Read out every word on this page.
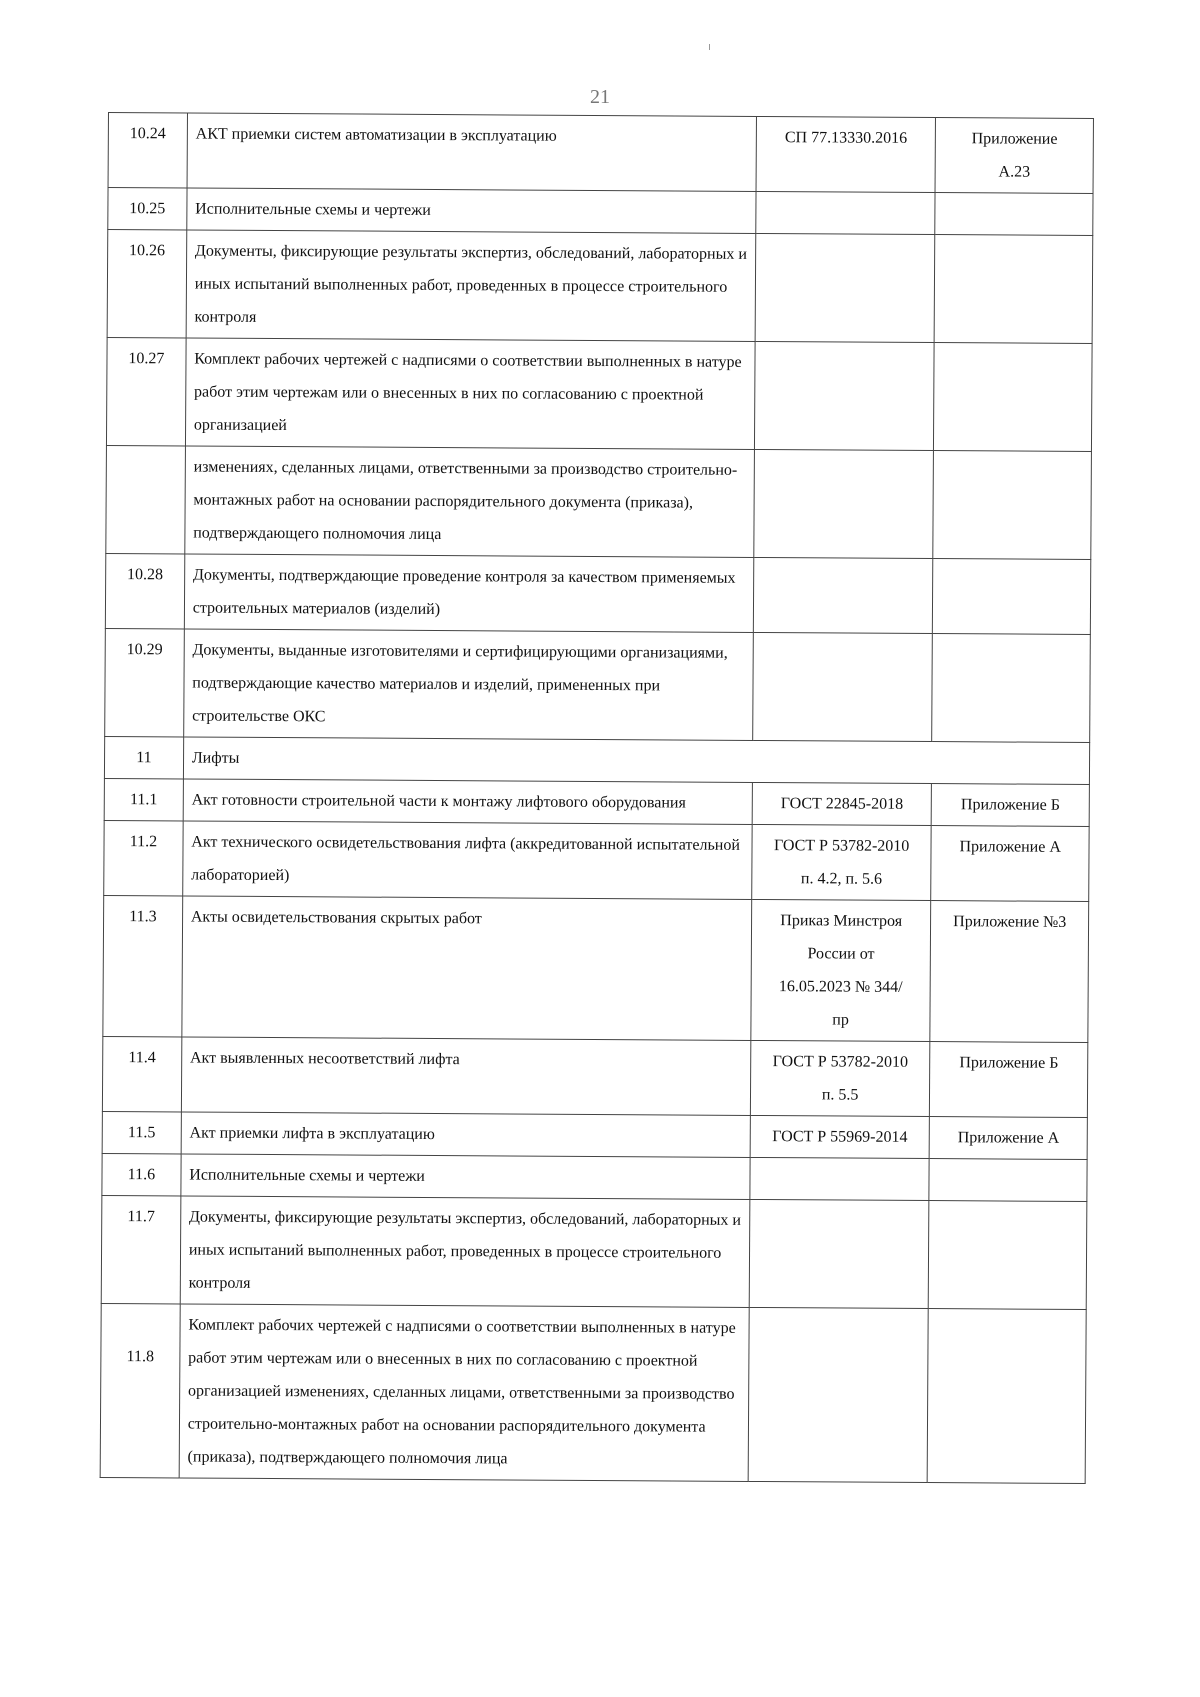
21
10.24	АКТ приемки систем автоматизации в эксплуатацию	СП 77.13330.2016	Приложение А.23
10.25	Исполнительные схемы и чертежи		
10.26	Документы, фиксирующие результаты экспертиз, обследований, лабораторных и иных испытаний выполненных работ, проведенных в процессе строительного контроля		
10.27	Комплект рабочих чертежей с надписями о соответствии выполненных в натуре работ этим чертежам или о внесенных в них по согласованию с проектной организацией		
	изменениях, сделанных лицами, ответственными за производство строительно-монтажных работ на основании распорядительного документа (приказа), подтверждающего полномочия лица		
10.28	Документы, подтверждающие проведение контроля за качеством применяемых строительных материалов (изделий)		
10.29	Документы, выданные изготовителями и сертифицирующими организациями, подтверждающие качество материалов и изделий, примененных при строительстве ОКС		
11	Лифты		
11.1	Акт готовности строительной части к монтажу лифтового оборудования	ГОСТ 22845-2018	Приложение Б
11.2	Акт технического освидетельствования лифта (аккредитованной испытательной лабораторией)	ГОСТ Р 53782-2010 п. 4.2, п. 5.6	Приложение А
11.3	Акты освидетельствования скрытых работ	Приказ Минстроя России от 16.05.2023 № 344/пр	Приложение №3
11.4	Акт выявленных несоответствий лифта	ГОСТ Р 53782-2010 п. 5.5	Приложение Б
11.5	Акт приемки лифта в эксплуатацию	ГОСТ Р 55969-2014	Приложение А
11.6	Исполнительные схемы и чертежи		
11.7	Документы, фиксирующие результаты экспертиз, обследований, лабораторных и иных испытаний выполненных работ, проведенных в процессе строительного контроля		
11.8	Комплект рабочих чертежей с надписями о соответствии выполненных в натуре работ этим чертежам или о внесенных в них по согласованию с проектной организацией изменениях, сделанных лицами, ответственными за производство строительно-монтажных работ на основании распорядительного документа (приказа), подтверждающего полномочия лица		
